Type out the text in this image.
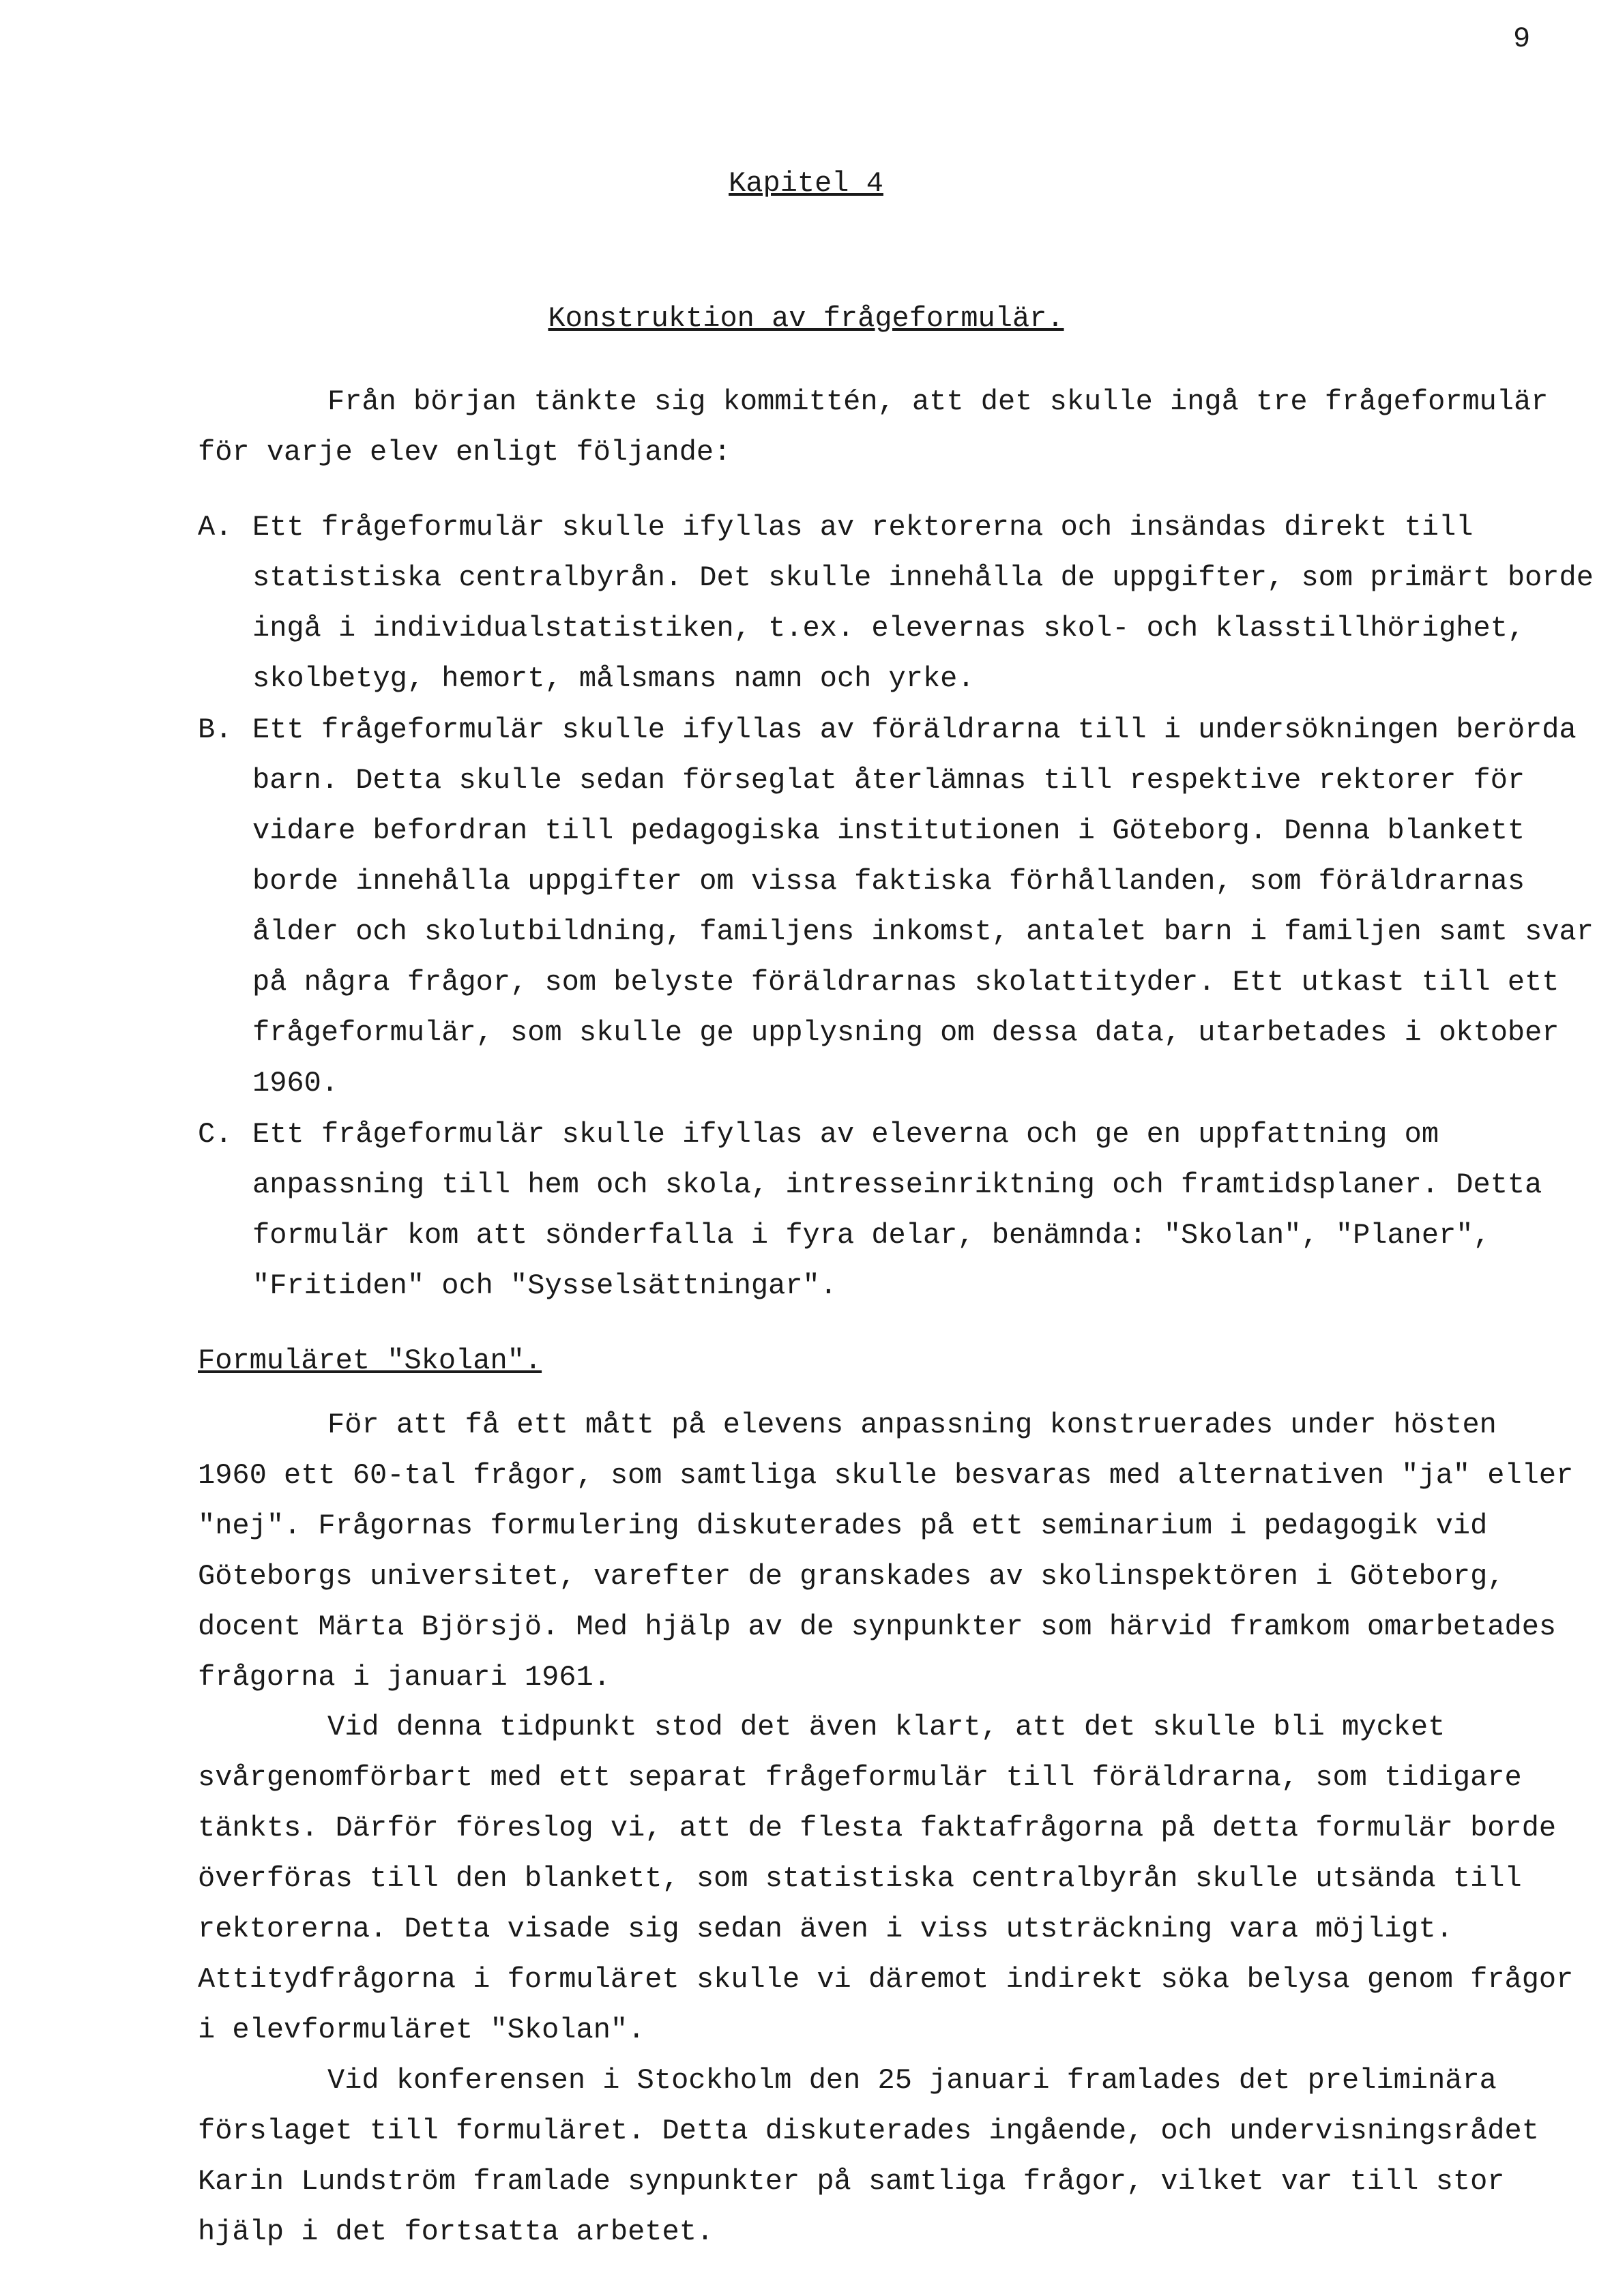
9
Kapitel 4
Konstruktion av frågeformulär.

Från början tänkte sig kommittén, att det skulle ingå tre frågeformulär för varje elev enligt följande:

A. Ett frågeformulär skulle ifyllas av rektorerna och insändas direkt till statistiska centralbyrån. Det skulle innehålla de uppgifter, som primärt borde ingå i individualstatistiken, t.ex. elevernas skol- och klasstillhörighet, skolbetyg, hemort, målsmans namn och yrke.
B. Ett frågeformulär skulle ifyllas av föräldrarna till i undersökningen berörda barn. Detta skulle sedan förseglat återlämnas till respektive rektorer för vidare befordran till pedagogiska institutionen i Göteborg. Denna blankett borde innehålla uppgifter om vissa faktiska förhållanden, som föräldrarnas ålder och skolutbildning, familjens inkomst, antalet barn i familjen samt svar på några frågor, som belyste föräldrarnas skolattityder. Ett utkast till ett frågeformulär, som skulle ge upplysning om dessa data, utarbetades i oktober 1960.
C. Ett frågeformulär skulle ifyllas av eleverna och ge en uppfattning om anpassning till hem och skola, intresseinriktning och framtidsplaner. Detta formulär kom att sönderfalla i fyra delar, benämnda: "Skolan", "Planer", "Fritiden" och "Sysselsättningar".
Formuläret "Skolan".

För att få ett mått på elevens anpassning konstruerades under hösten 1960 ett 60-tal frågor, som samtliga skulle besvaras med alternativen "ja" eller "nej". Frågornas formulering diskuterades på ett seminarium i pedagogik vid Göteborgs universitet, varefter de granskades av skolinspektören i Göteborg, docent Märta Björsjö. Med hjälp av de synpunkter som härvid framkom omarbetades frågorna i januari 1961.

Vid denna tidpunkt stod det även klart, att det skulle bli mycket svårgenomförbart med ett separat frågeformulär till föräldrarna, som tidigare tänkts. Därför föreslog vi, att de flesta faktafrågorna på detta formulär borde överföras till den blankett, som statistiska centralbyrån skulle utsända till rektorerna. Detta visade sig sedan även i viss utsträckning vara möjligt. Attitydfrågorna i formuläret skulle vi däremot indirekt söka belysa genom frågor i elevformuläret "Skolan".

Vid konferensen i Stockholm den 25 januari framlades det preliminära förslaget till formuläret. Detta diskuterades ingående, och undervisningsrådet Karin Lundström framlade synpunkter på samtliga frågor, vilket var till stor hjälp i det fortsatta arbetet.
